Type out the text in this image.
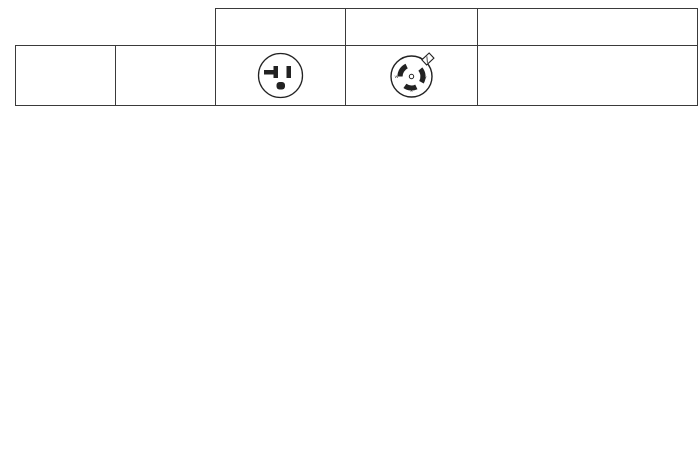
W	Y
X
